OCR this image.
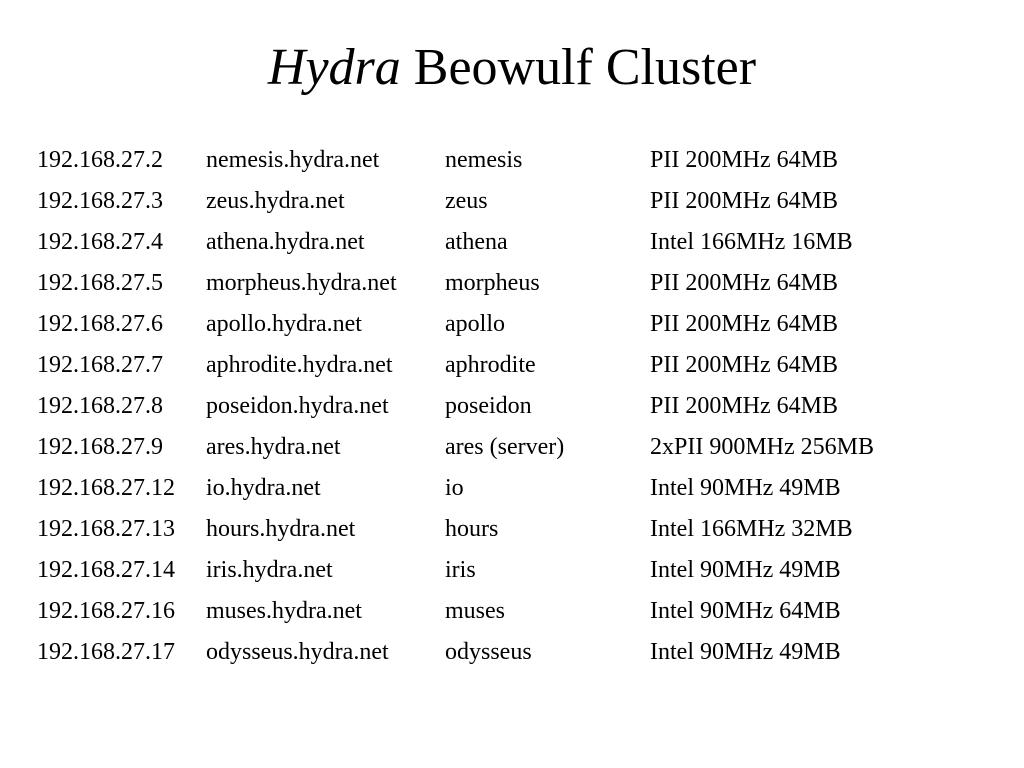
Hydra Beowulf Cluster
192.168.27.2 nemesis.hydra.net	nemesis	PII 200MHz 64MB
192.168.27.3 zeus.hydra.net	zeus	PII 200MHz 64MB
192.168.27.4 athena.hydra.net	athena	Intel 166MHz 16MB
192.168.27.5 morpheus.hydra.net morpheus	PII 200MHz 64MB
192.168.27.6 apollo.hydra.net	apollo	PII 200MHz 64MB
192.168.27.7 aphrodite.hydra.net aphrodite	PII 200MHz 64MB
192.168.27.8 poseidon.hydra.net poseidon	PII 200MHz 64MB
192.168.27.9 ares.hydra.net	ares (server)	2xPII 900MHz 256MB
192.168.27.12 io.hydra.net	io	Intel 90MHz 49MB
192.168.27.13 hours.hydra.net	hours	Intel 166MHz 32MB
192.168.27.14 iris.hydra.net	iris	Intel 90MHz 49MB
192.168.27.16 muses.hydra.net	muses	Intel 90MHz 64MB
192.168.27.17 odysseus.hydra.net odysseus	Intel 90MHz 49MB
